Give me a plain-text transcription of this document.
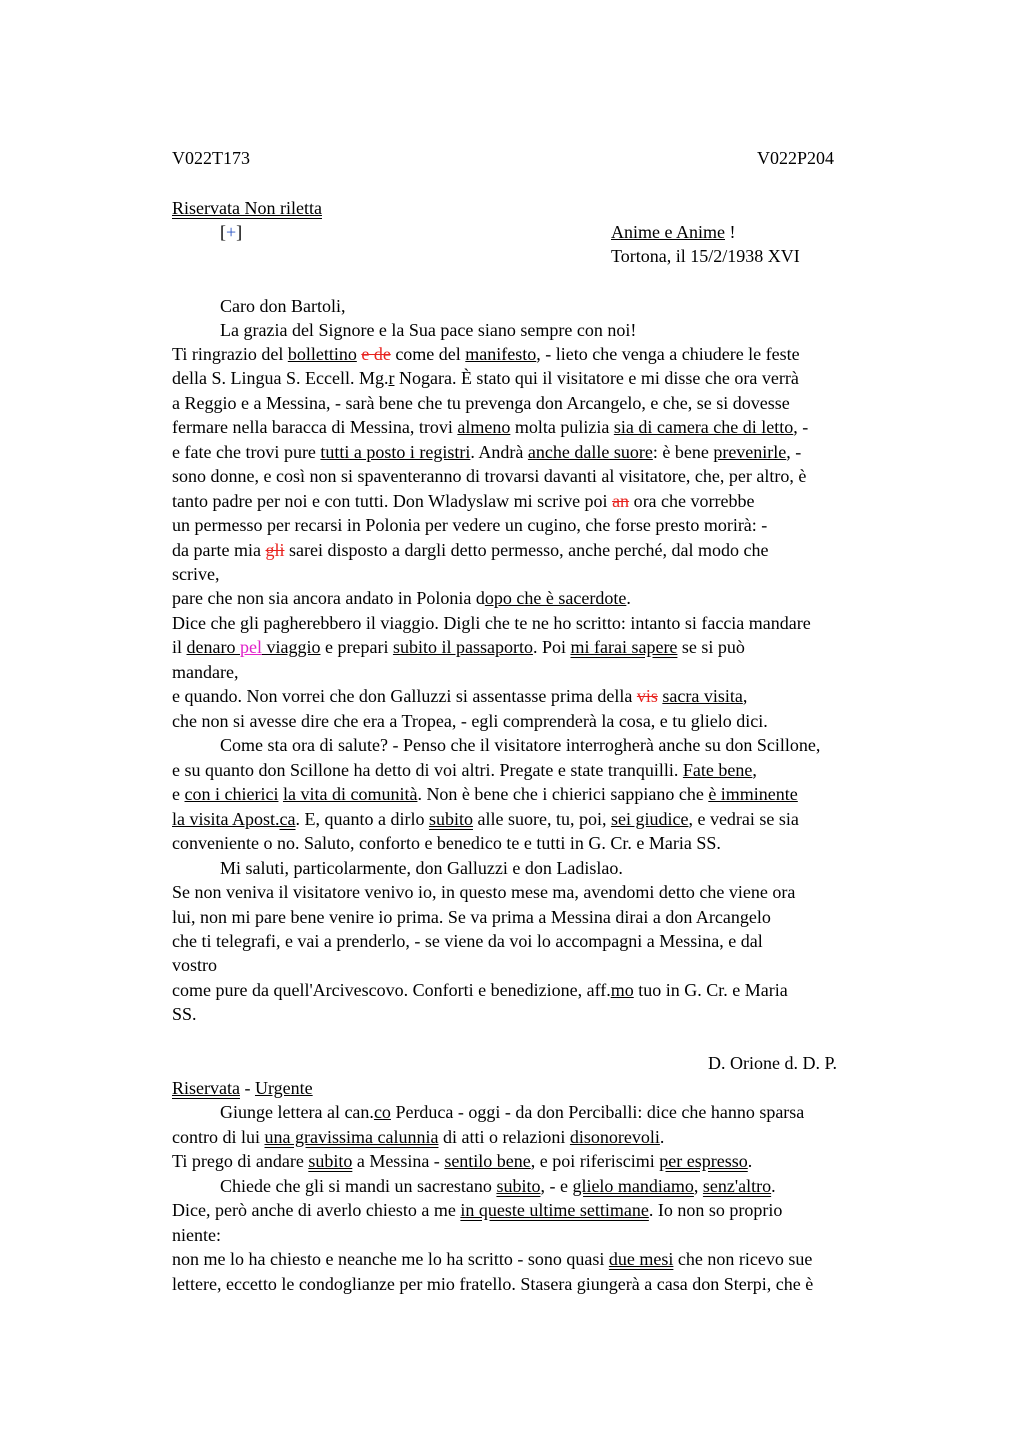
V022T173	V022P204
Riservata Non riletta
[+]	Anime e Anime !
Tortona, il 15/2/1938 XVI
Caro don Bartoli,
La grazia del Signore e la Sua pace siano sempre con noi!
Ti ringrazio del bollettino e de come del manifesto, - lieto che venga a chiudere le feste
della S. Lingua S. Eccell. Mg.r Nogara. È stato qui il visitatore e mi disse che ora verrà
a Reggio e a Messina, - sarà bene che tu prevenga don Arcangelo, e che, se si dovesse
fermare nella baracca di Messina, trovi almeno molta pulizia sia di camera che di letto, -
e fate che trovi pure tutti a posto i registri. Andrà anche dalle suore: è bene prevenirle, -
sono donne, e così non si spaventeranno di trovarsi davanti al visitatore, che, per altro, è
tanto padre per noi e con tutti. Don Wladyslaw mi scrive poi an ora che vorrebbe
un permesso per recarsi in Polonia per vedere un cugino, che forse presto morirà: -
da parte mia gli sarei disposto a dargli detto permesso, anche perché, dal modo che
scrive,
pare che non sia ancora andato in Polonia dopo che è sacerdote.
Dice che gli pagherebbero il viaggio. Digli che te ne ho scritto: intanto si faccia mandare
il denaro pel viaggio e prepari subito il passaporto. Poi mi farai sapere se si può
mandare,
e quando. Non vorrei che don Galluzzi si assentasse prima della vis sacra visita,
che non si avesse dire che era a Tropea, - egli comprenderà la cosa, e tu glielo dici.
Come sta ora di salute? - Penso che il visitatore interrogherà anche su don Scillone,
e su quanto don Scillone ha detto di voi altri. Pregate e state tranquilli. Fate bene,
e con i chierici la vita di comunità. Non è bene che i chierici sappiano che è imminente
la visita Apost.ca. E, quanto a dirlo subito alle suore, tu, poi, sei giudice, e vedrai se sia
conveniente o no. Saluto, conforto e benedico te e tutti in G. Cr. e Maria SS.
Mi saluti, particolarmente, don Galluzzi e don Ladislao.
Se non veniva il visitatore venivo io, in questo mese ma, avendomi detto che viene ora
lui, non mi pare bene venire io prima. Se va prima a Messina dirai a don Arcangelo
che ti telegrafi, e vai a prenderlo, - se viene da voi lo accompagni a Messina, e dal
vostro
come pure da quell'Arcivescovo. Conforti e benedizione, aff.mo tuo in G. Cr. e Maria
SS.
D. Orione d. D. P.
Riservata - Urgente
Giunge lettera al can.co Perduca - oggi - da don Perciballi: dice che hanno sparsa
contro di lui una gravissima calunnia di atti o relazioni disonorevoli.
Ti prego di andare subito a Messina - sentilo bene, e poi riferiscimi per espresso.
Chiede che gli si mandi un sacrestano subito, - e glielo mandiamo, senz'altro.
Dice, però anche di averlo chiesto a me in queste ultime settimane. Io non so proprio
niente:
non me lo ha chiesto e neanche me lo ha scritto - sono quasi due mesi che non ricevo sue
lettere, eccetto le condoglianze per mio fratello. Stasera giungerà a casa don Sterpi, che è
